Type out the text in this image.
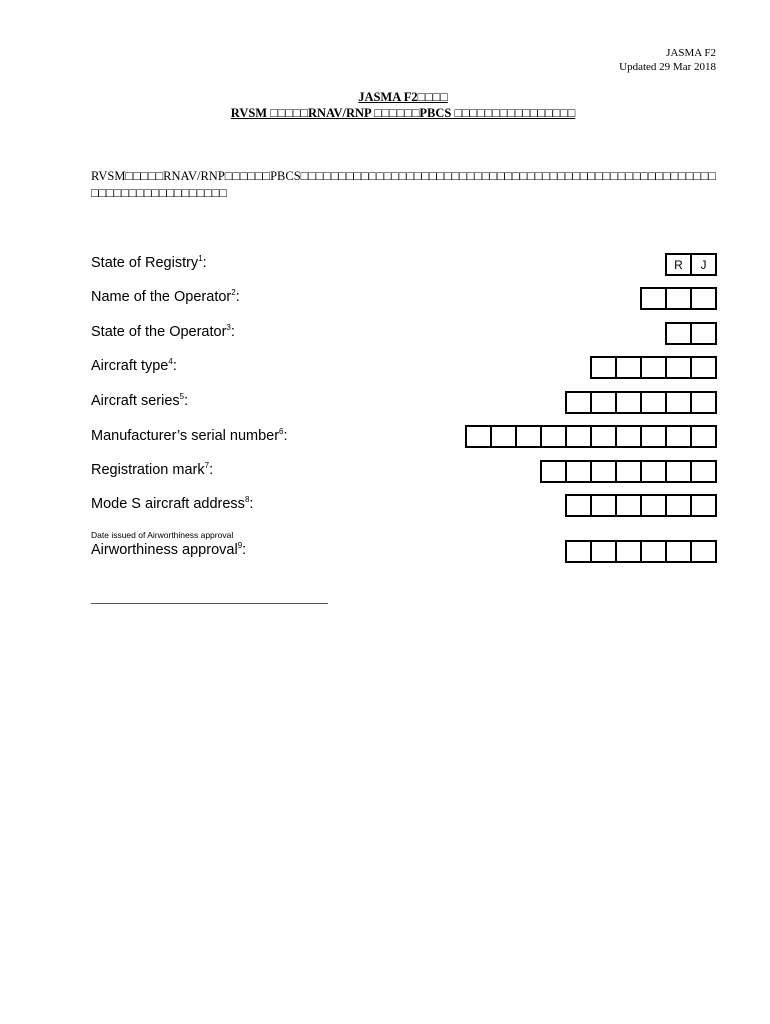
JASMA F2
Updated 29 Mar 2018
JASMA F2□□□□
RVSM □□□□□RNAV/RNP □□□□□□PBCS □□□□□□□□□□□□□□□□
RVSM□□□□□RNAV/RNP□□□□□□PBCS□□□□□□□□□□□□□□□□□□□□□□□□□□□□□□□□□□□□□□□□□□□□□□□□□□□□□□□□□□□□□□□□□□□□□□□□□
State of Registry$^1$:	R	J
Name of the Operator$^2$:
State of the Operator$^3$:
Aircraft type$^4$:
Aircraft series$^5$:
Manufacturer’s serial number$^6$:
Registration mark$^7$:
Mode S aircraft address$^8$:
Date issued of Airworthiness approval
Airworthiness approval$^9$:
